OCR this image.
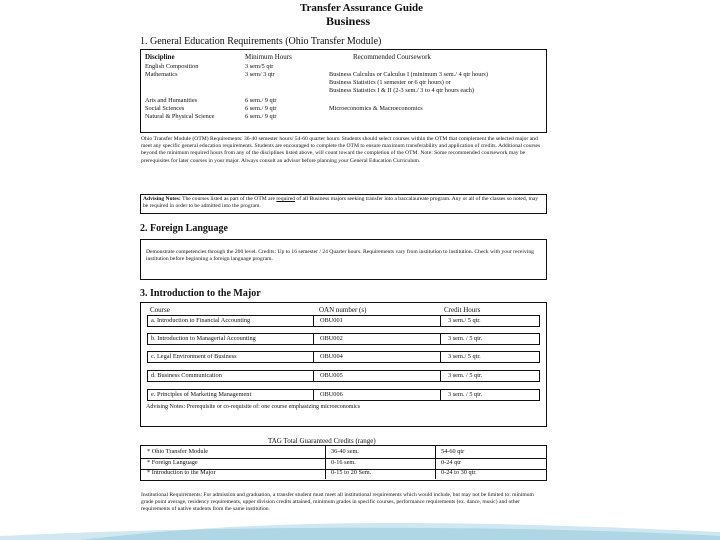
Transfer Assurance Guide
Business
1. General Education Requirements (Ohio Transfer Module)
Discipline	Minimum Hours	Recommended Coursework
English Composition	3 sem/5 qtr
Mathematics	3 sem/ 3 qtr	Business Calculus or Calculus I (minimum 3 sem./ 4 qtr hours)
Business Statistics (1 semester or 6 qtr hours) or
Business Statistics I & II (2-3 sem./ 3 to 4 qtr hours each)
Arts and Humanities	6 sem./ 9 qtr
Social Sciences	6 sem./ 9 qtr	Microeconomics & Macroeconomics
Natural & Physical Science	6 sem./ 9 qtr
Ohio Transfer Module (OTM) Requirements: 36-40 semester hours/ 54-60 quarter hours. Students should select courses within the OTM that complement the selected major and meet any specific general education requirements. Students are encouraged to complete the OTM to ensure maximum transferability and application of credits. Additional courses beyond the minimum required hours from any of the disciplines listed above, will count toward the completion of the OTM. Note: Some recommended coursework may be prerequisites for later courses in your major. Always consult an advisor before planning your General Education Curriculum.
Advising Notes: The courses listed as part of the OTM are required of all Business majors seeking transfer into a baccalaureate program. Any or all of the classes so noted, may be required in order to be admitted into the program.
2. Foreign Language
Demonstrate competencies through the 200 level. Credits: Up to 16 semester / 24 Quarter hours. Requirements vary from institution to institution. Check with your receiving institution before beginning a foreign language program.
3. Introduction to the Major
Course	OAN number (s)	Credit Hours
a. Introduction to Financial Accounting	OBU001	3 sem./ 5 qtr.
b. Introduction to Managerial Accounting	OBU002	3 sem. / 5 qtr.
c. Legal Environment of Business	OBU004	3 sem./ 5 qtr.
d. Business Communication	OBU005	3 sem. / 5 qtr.
e. Principles of Marketing Management	OBU006	3 sem. / 5 qtr.
Advising Notes: Prerequisite or co-requisite of: one course emphasizing microeconomics
TAG Total Guaranteed Credits (range)
* Ohio Transfer Module	36-40 sem.	54-60 qtr
* Foreign Language	0-16 sem.	0-24 qtr
* Introduction to the Major	0-15 to 20 Sem.	0-24 to 30 qtr.
Institutional Requirements: For admission and graduation, a transfer student must meet all institutional requirements which would include, but may not be limited to: minimum grade point average, residency requirements, upper division credits attained, minimum grades in specific courses, performance requirements (ex. dance, music) and other requirements of native students from the same institution.
